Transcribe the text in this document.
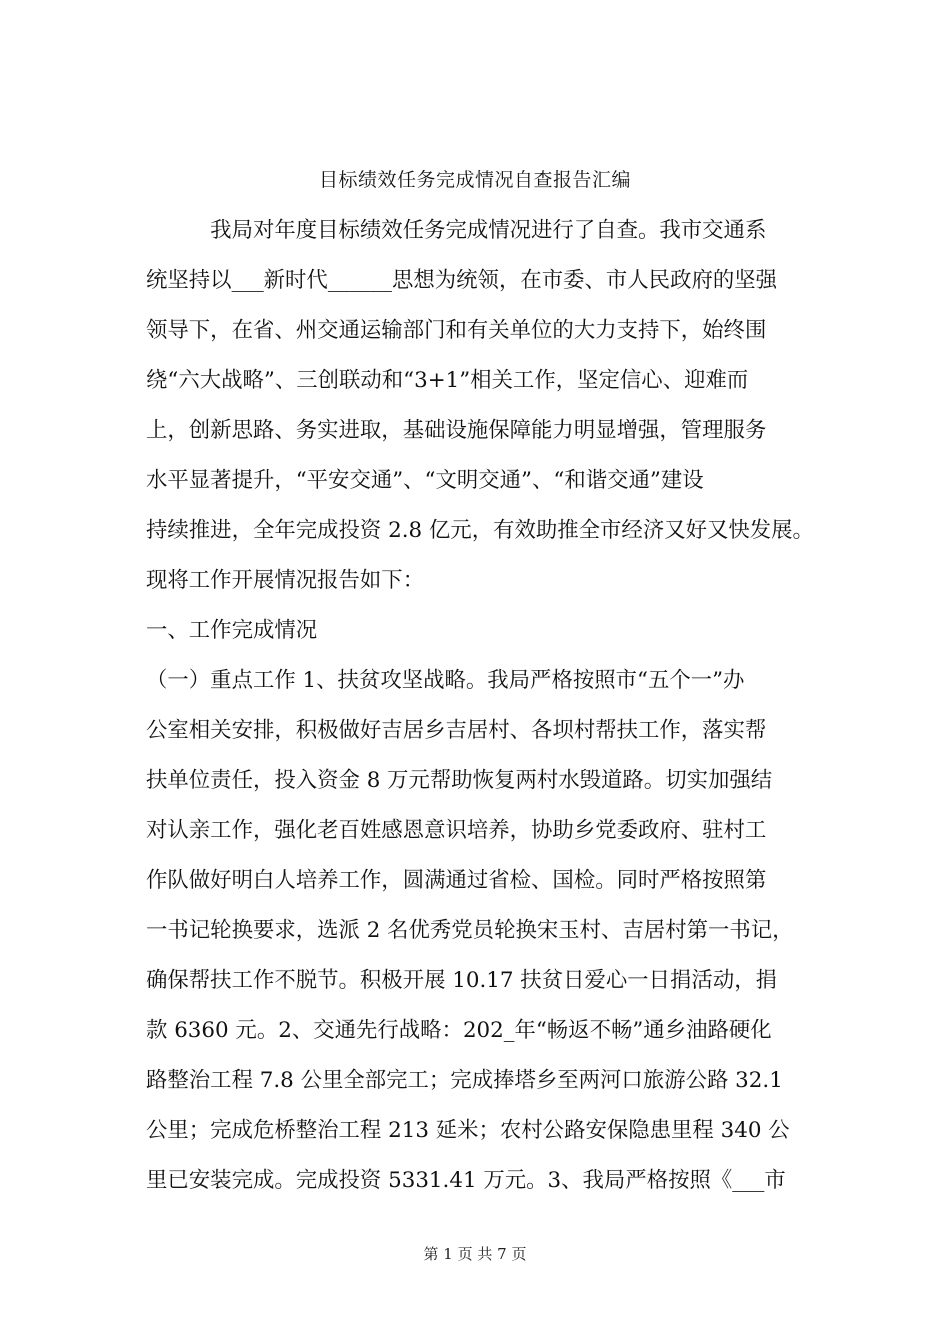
目标绩效任务完成情况自查报告汇编
　　　我局对年度目标绩效任务完成情况进行了自查。我市交通系
统坚持以___新时代______思想为统领，在市委、市人民政府的坚强
领导下，在省、州交通运输部门和有关单位的大力支持下，始终围
绕“六大战略”、三创联动和“3+1”相关工作，坚定信心、迎难而
上，创新思路、务实进取，基础设施保障能力明显增强，管理服务
水平显著提升，“平安交通”、“文明交通”、“和谐交通”建设
持续推进，全年完成投资 2.8 亿元，有效助推全市经济又好又快发展。
现将工作开展情况报告如下：
一、工作完成情况
（一）重点工作 1、扶贫攻坚战略。我局严格按照市“五个一”办
公室相关安排，积极做好吉居乡吉居村、各坝村帮扶工作，落实帮
扶单位责任，投入资金 8 万元帮助恢复两村水毁道路。切实加强结
对认亲工作，强化老百姓感恩意识培养，协助乡党委政府、驻村工
作队做好明白人培养工作，圆满通过省检、国检。同时严格按照第
一书记轮换要求，选派 2 名优秀党员轮换宋玉村、吉居村第一书记，
确保帮扶工作不脱节。积极开展 10.17 扶贫日爱心一日捐活动，捐
款 6360 元。2、交通先行战略：202_年“畅返不畅”通乡油路硬化
路整治工程 7.8 公里全部完工；完成捧塔乡至两河口旅游公路 32.1
公里；完成危桥整治工程 213 延米；农村公路安保隐患里程 340 公
里已安装完成。完成投资 5331.41 万元。3、我局严格按照《___市
第 1 页 共 7 页
